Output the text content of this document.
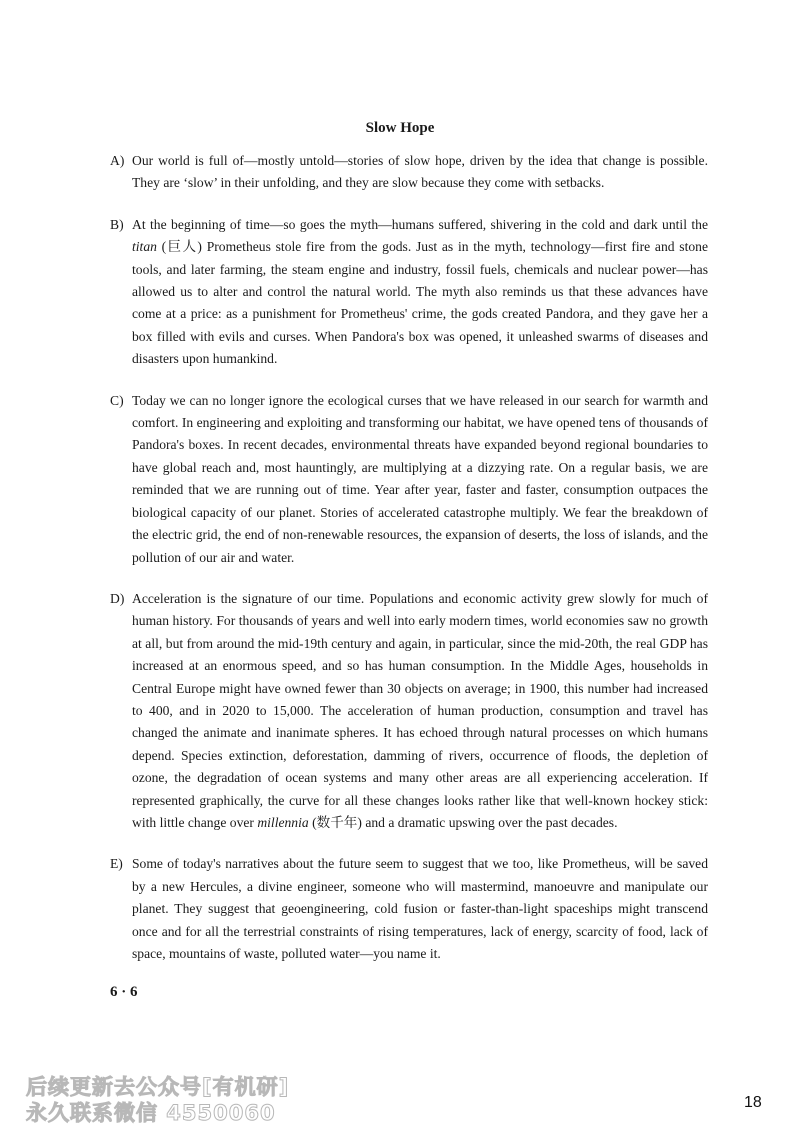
Slow Hope

A) Our world is full of—mostly untold—stories of slow hope, driven by the idea that change is possible. They are ‘slow’ in their unfolding, and they are slow because they come with setbacks.

B) At the beginning of time—so goes the myth—humans suffered, shivering in the cold and dark until the titan (巨人) Prometheus stole fire from the gods. Just as in the myth, technology—first fire and stone tools, and later farming, the steam engine and industry, fossil fuels, chemicals and nuclear power—has allowed us to alter and control the natural world. The myth also reminds us that these advances have come at a price: as a punishment for Prometheus' crime, the gods created Pandora, and they gave her a box filled with evils and curses. When Pandora's box was opened, it unleashed swarms of diseases and disasters upon humankind.

C) Today we can no longer ignore the ecological curses that we have released in our search for warmth and comfort. In engineering and exploiting and transforming our habitat, we have opened tens of thousands of Pandora's boxes. In recent decades, environmental threats have expanded beyond regional boundaries to have global reach and, most hauntingly, are multiplying at a dizzying rate. On a regular basis, we are reminded that we are running out of time. Year after year, faster and faster, consumption outpaces the biological capacity of our planet. Stories of accelerated catastrophe multiply. We fear the breakdown of the electric grid, the end of non-renewable resources, the expansion of deserts, the loss of islands, and the pollution of our air and water.

D) Acceleration is the signature of our time. Populations and economic activity grew slowly for much of human history. For thousands of years and well into early modern times, world economies saw no growth at all, but from around the mid-19th century and again, in particular, since the mid-20th, the real GDP has increased at an enormous speed, and so has human consumption. In the Middle Ages, households in Central Europe might have owned fewer than 30 objects on average; in 1900, this number had increased to 400, and in 2020 to 15,000. The acceleration of human production, consumption and travel has changed the animate and inanimate spheres. It has echoed through natural processes on which humans depend. Species extinction, deforestation, damming of rivers, occurrence of floods, the depletion of ozone, the degradation of ocean systems and many other areas are all experiencing acceleration. If represented graphically, the curve for all these changes looks rather like that well-known hockey stick: with little change over millennia (数千年) and a dramatic upswing over the past decades.

E) Some of today's narratives about the future seem to suggest that we too, like Prometheus, will be saved by a new Hercules, a divine engineer, someone who will mastermind, manoeuvre and manipulate our planet. They suggest that geoengineering, cold fusion or faster-than-light spaceships might transcend once and for all the terrestrial constraints of rising temperatures, lack of energy, scarcity of food, lack of space, mountains of waste, polluted water—you name it.

6 · 6
后续更新去公众号[有机研]
永久联系微信 4550060	18
